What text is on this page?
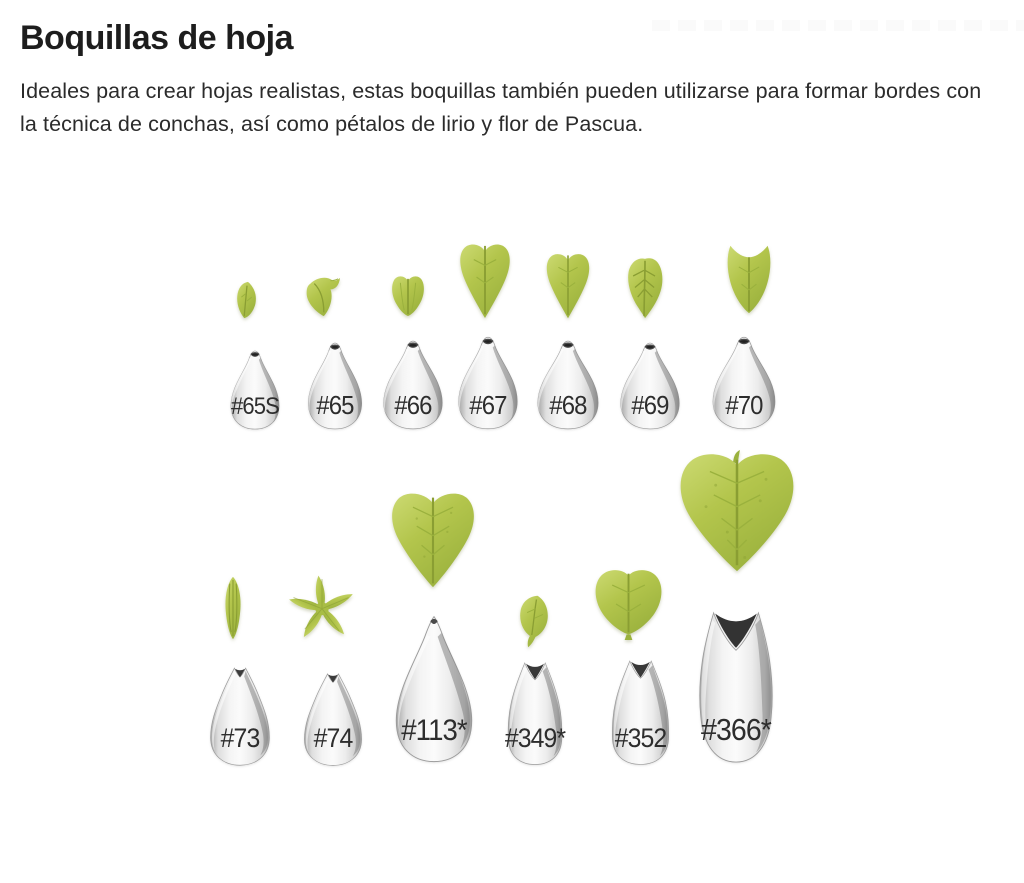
Boquillas de hoja

Ideales para crear hojas realistas, estas boquillas también pueden utilizarse para formar bordes con la técnica de conchas, así como pétalos de lirio y flor de Pascua.

#65S	#65	#66	#67	#68	#69	#70
#73	#74	#113*	#349*	#352	#366*
